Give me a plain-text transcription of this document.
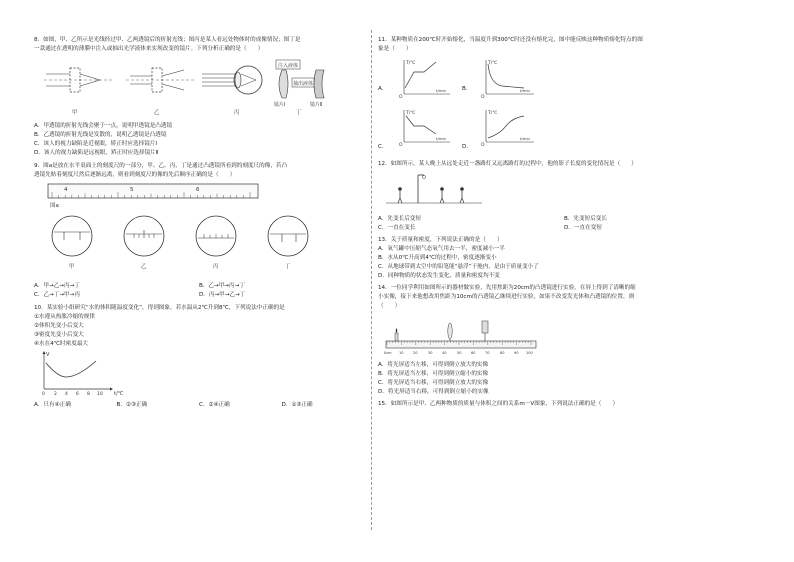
8．如图，甲、乙所示是光线经过甲、乙两透镜后的折射光线；图丙是某人看远处物体时的成像情况；图丁是

一款通过在透明的薄膜中注入或抽出光学液体来实现改变的镜片。下列分析正确的是（　　）

注入液体
抽出液体
镜片Ⅰ	镜片Ⅱ
甲	乙	丙	丁

A．甲透镜的折射光线会聚于一点，说明甲透镜是凸透镜

B．乙透镜的折射光线是发散的，说明乙透镜是凸透镜

C．该人的视力缺陷是近视眼，矫正时应选择镜片Ⅰ

D．该人的视力缺陷是远视眼，矫正时应选择镜片Ⅱ

9．图a是放在水平桌面上的刻度尺的一部分，甲、乙、丙、丁是通过凸透镜所看到的刻度尺的像，若凸

透镜先贴着刻度尺然后逐渐远离，则看到刻度尺的像的先后顺序正确的是（　　）

4	5	6
图a
甲	乙	丙	丁
A．甲→乙→丙→丁	B．乙→甲→丙→丁
C．乙→丁→甲→丙	D．丙→甲→乙→丁

10．某实验小组研究“水的体积随温度变化”，得到图象。若水温从2℃升到8℃，下列说法中正确的是

①水遵从热胀冷缩的规律

②体积先变小后变大

③密度先变小后变大

④水在4℃时密度最大

V
t/℃
0 2 4 6 8 10
A．只有④正确	B．②③正确	C．②④正确	D．①③正确

11．某种物质在200℃时开始熔化，当温度升到300℃时还没有熔化完，图中能反映这种物质熔化特点的图

象是（　　）

A．
T/℃
t/min
O
B．
T/℃
t/min
O
C．
T/℃
t/min
O	D．
T/℃
t/min
O

12．如图所示，某人晚上从远处走近一盏路灯又远离路灯的过程中，他的影子长度的变化情况是（　　）

A．先变长后变短	B．先变短后变长
C．一直在变长	D．一直在变短

13．关于质量和密度，下列说法正确的是（　　）

A．氧气罐中压缩气态氧气用去一半，密度减小一半

B．水从0℃升高到4℃的过程中，密度逐渐变小

C．从地球带到太空中的铅笔能“悬浮”于舱内，是由于质量变小了

D．同种物质的状态发生变化，质量和密度均不变

14．一位同学利用如图所示的器材做实验，先用焦距为20cm的凸透镜进行实验，在屏上得到了清晰的缩

小实像，接下来他想改用焦距为10cm的凸透镜乙继续进行实验，如果不改变发光体和凸透镜的位置，则

（　　）

0cm 10	20	30	40	50	60	70	80	90 100

A．将光屏适当左移，可得到倒立放大的实像

B．将光屏适当左移，可得到倒立缩小的实像

C．将光屏适当右移，可得到倒立放大的实像

D．将光屏适当右移，可得到倒立缩小的实像

15．如图所示是甲、乙两种物质的质量与体积之间的关系m－V图象，下列说法正确的是（　　）
